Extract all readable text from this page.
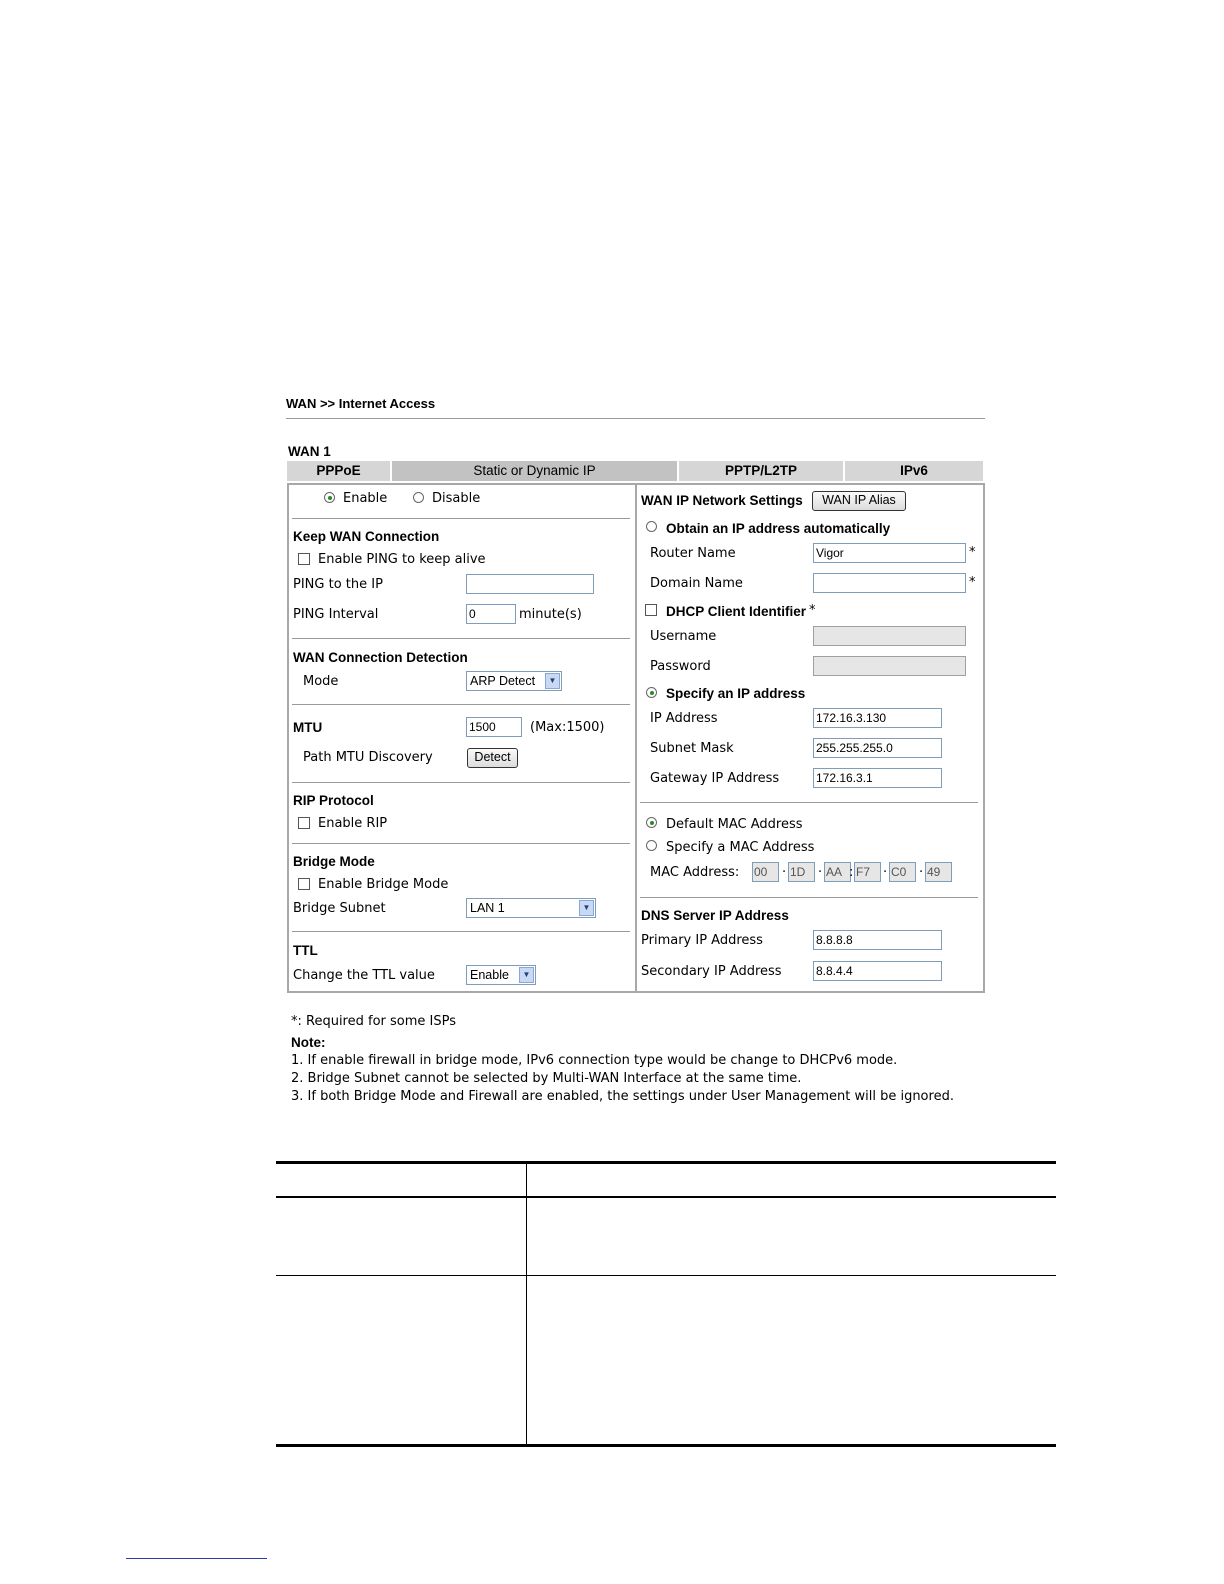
WAN >> Internet Access
WAN 1
PPPoE	Static or Dynamic IP	PPTP/L2TP	IPv6
Enable	Disable
Keep WAN Connection
Enable PING to keep alive
PING to the IP
PING Interval	0	minute(s)
WAN Connection Detection
Mode	ARP Detect	▼
MTU	1500	(Max:1500)
Path MTU Discovery	Detect
RIP Protocol
Enable RIP
Bridge Mode
Enable Bridge Mode
Bridge Subnet	LAN 1	▼
TTL
Change the TTL value	Enable	▼
WAN IP Network Settings	WAN IP Alias
Obtain an IP address automatically
Router Name	Vigor	*
Domain Name	*
DHCP Client Identifier *
Username
Password
Specify an IP address
IP Address	172.16.3.130
Subnet Mask	255.255.255.0
Gateway IP Address	172.16.3.1
Default MAC Address
Specify a MAC Address
MAC Address: 00	· 1D · AA : F7 · C0 · 49
DNS Server IP Address
Primary IP Address	8.8.8.8
Secondary IP Address	8.8.4.4
*: Required for some ISPs
Note:
1. If enable firewall in bridge mode, IPv6 connection type would be change to DHCPv6 mode.
2. Bridge Subnet cannot be selected by Multi-WAN Interface at the same time.
3. If both Bridge Mode and Firewall are enabled, the settings under User Management will be ignored.
